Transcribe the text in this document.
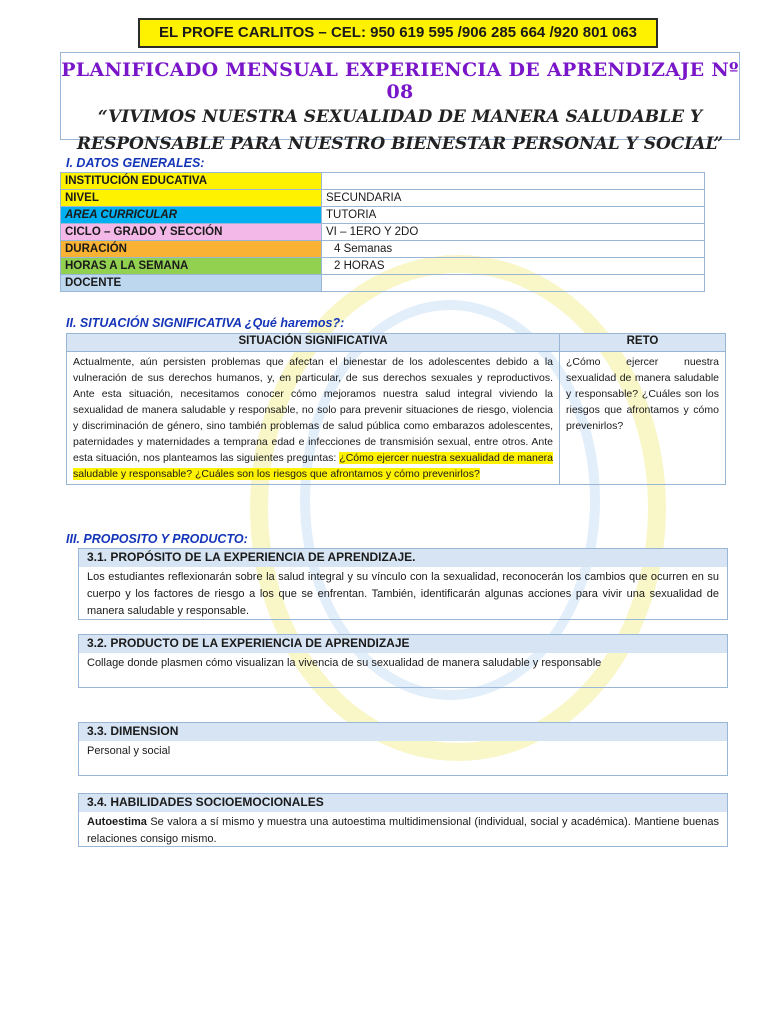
EL PROFE CARLITOS – CEL: 950 619 595 /906 285 664 /920 801 063
PLANIFICADO MENSUAL EXPERIENCIA DE APRENDIZAJE Nº 08
“VIVIMOS NUESTRA SEXUALIDAD DE MANERA SALUDABLE Y
RESPONSABLE PARA NUESTRO BIENESTAR PERSONAL Y SOCIAL”
I. DATOS GENERALES:
INSTITUCIÓN EDUCATIVA	
NIVEL	SECUNDARIA
AREA CURRICULAR	TUTORIA
CICLO – GRADO Y SECCIÓN	VI – 1ERO Y 2DO
DURACIÓN	4 Semanas
HORAS A LA SEMANA	2 HORAS
DOCENTE	
II. SITUACIÓN SIGNIFICATIVA ¿Qué haremos?:
SITUACIÓN SIGNIFICATIVA	RETO
Actualmente, aún persisten problemas que afectan el bienestar de los adolescentes debido a la vulneración de sus derechos humanos, y, en particular, de sus derechos sexuales y reproductivos. Ante esta situación, necesitamos conocer cómo mejoramos nuestra salud integral viviendo la sexualidad de manera saludable y responsable, no solo para prevenir situaciones de riesgo, violencia y discriminación de género, sino también problemas de salud pública como embarazos adolescentes, paternidades y maternidades a temprana edad e infecciones de transmisión sexual, entre otros. Ante esta situación, nos planteamos las siguientes preguntas: ¿Cómo ejercer nuestra sexualidad de manera saludable y responsable? ¿Cuáles son los riesgos que afrontamos y cómo prevenirlos?	¿Cómo ejercer nuestra sexualidad de manera saludable y responsable? ¿Cuáles son los riesgos que afrontamos y cómo prevenirlos?
III. PROPOSITO Y PRODUCTO:
3.1. PROPÓSITO DE LA EXPERIENCIA DE APRENDIZAJE.
Los estudiantes reflexionarán sobre la salud integral y su vínculo con la sexualidad, reconocerán los cambios que ocurren en su cuerpo y los factores de riesgo a los que se enfrentan. También, identificarán algunas acciones para vivir una sexualidad de manera saludable y responsable.
3.2. PRODUCTO DE LA EXPERIENCIA DE APRENDIZAJE
Collage donde plasmen cómo visualizan la vivencia de su sexualidad de manera saludable y responsable
3.3. DIMENSION
Personal y social
3.4. HABILIDADES SOCIOEMOCIONALES
Autoestima Se valora a sí mismo y muestra una autoestima multidimensional (individual, social y académica). Mantiene buenas relaciones consigo mismo.
